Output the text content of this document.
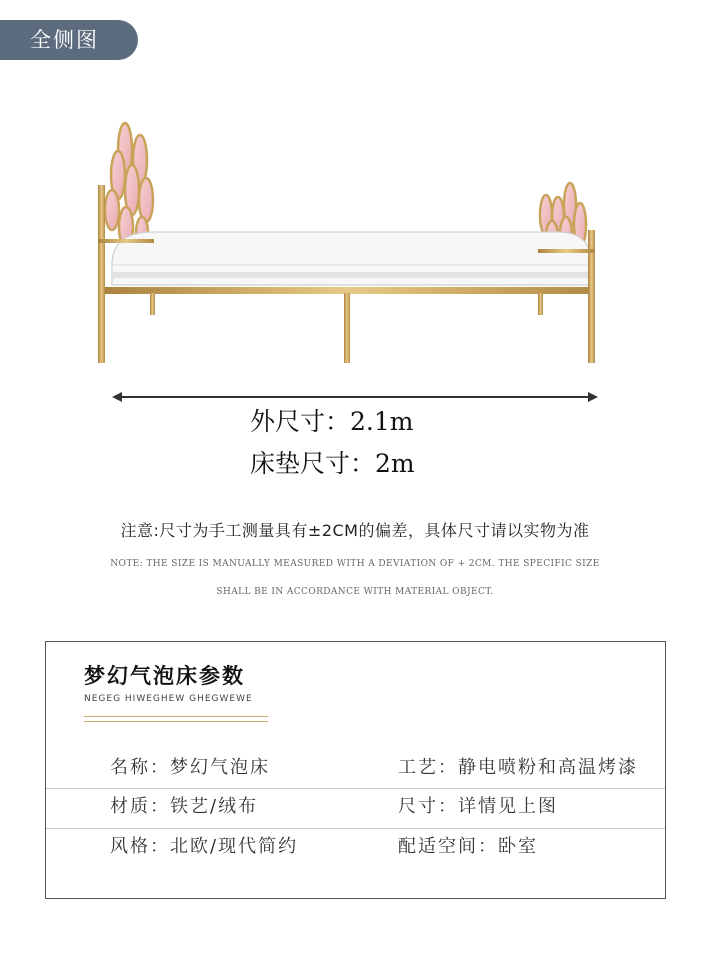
全侧图
外尺寸：2.1m
床垫尺寸：2m
注意:尺寸为手工测量具有±2CM的偏差，具体尺寸请以实物为准
NOTE: THE SIZE IS MANUALLY MEASURED WITH A DEVIATION OF + 2CM. THE SPECIFIC SIZE
SHALL BE IN ACCORDANCE WITH MATERIAL OBJECT.
梦幻气泡床参数
NEGEG HIWEGHEW GHEGWEWE
名称：梦幻气泡床	工艺：静电喷粉和高温烤漆
材质：铁艺/绒布	尺寸：详情见上图
风格：北欧/现代简约	配适空间：卧室
